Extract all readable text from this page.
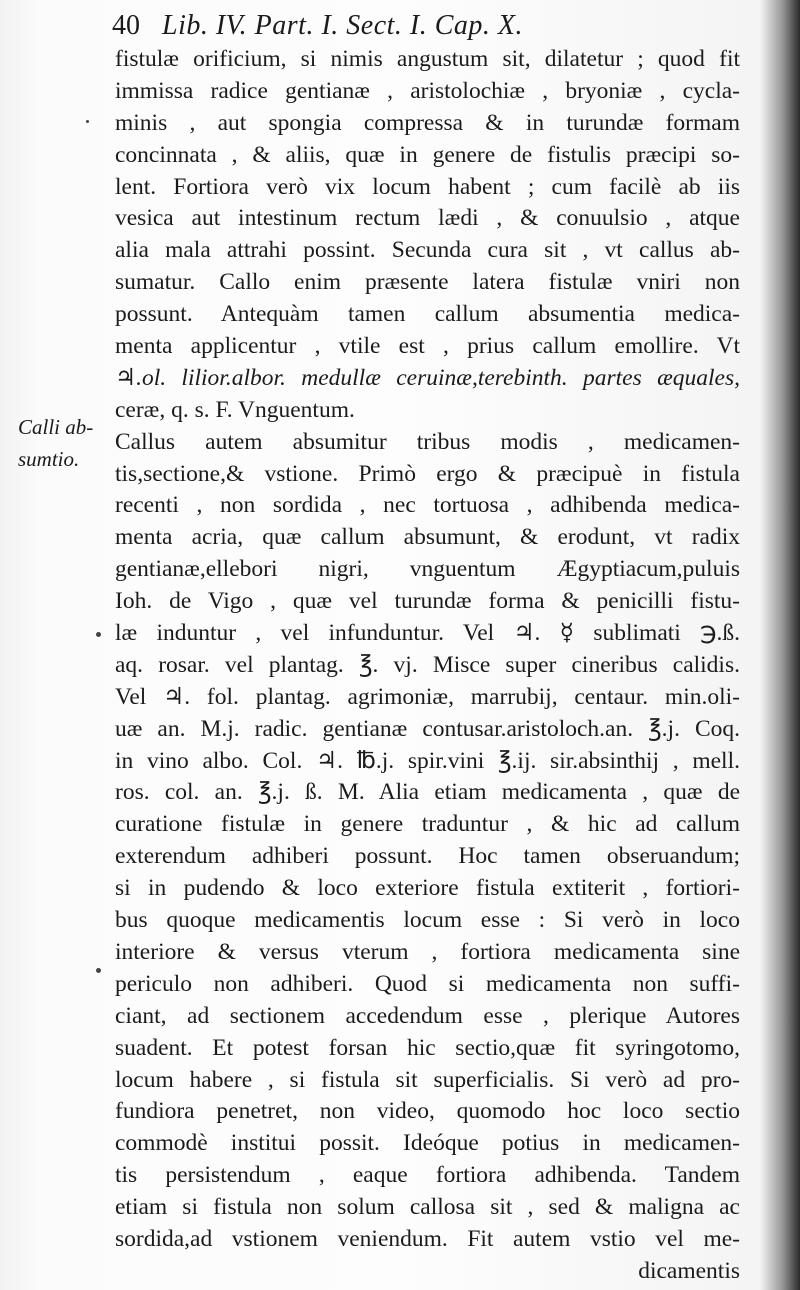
40 Lib. IV. Part. I. Sect. I. Cap. X.
Calli ab-
sumtio.
fistulæ orificium, si nimis angustum sit, dilatetur ; quod fit
immissa radice gentianæ , aristolochiæ , bryoniæ , cycla-
minis , aut spongia compressa & in turundæ formam
concinnata , & aliis, quæ in genere de fistulis præcipi so-
lent. Fortiora verò vix locum habent ; cum facilè ab iis
vesica aut intestinum rectum lædi , & conuulsio , atque
alia mala attrahi possint. Secunda cura sit , vt callus ab-
sumatur. Callo enim præsente latera fistulæ vniri non
possunt. Antequàm tamen callum absumentia medica-
menta applicentur , vtile est , prius callum emollire. Vt
♃.ol. lilior.albor. medullæ ceruinæ,terebinth. partes æquales,
ceræ, q. s. F. Vnguentum.
Callus autem absumitur tribus modis , medicamen-
tis,sectione,& vstione. Primò ergo & præcipuè in fistula
recenti , non sordida , nec tortuosa , adhibenda medica-
menta acria, quæ callum absumunt, & erodunt, vt radix
gentianæ,ellebori nigri, vnguentum Ægyptiacum,puluis
Ioh. de Vigo , quæ vel turundæ forma & penicilli fistu-
læ induntur , vel infunduntur. Vel ♃. ☿ sublimati ℈.ß.
aq. rosar. vel plantag. ℥. vj. Misce super cineribus calidis.
Vel ♃. fol. plantag. agrimoniæ, marrubij, centaur. min.oli-
uæ an. M.j. radic. gentianæ contusar.aristoloch.an. ℥.j. Coq.
in vino albo. Col. ♃. ℔.j. spir.vini ℥.ij. sir.absinthij , mell.
ros. col. an. ℥.j. ß. M. Alia etiam medicamenta , quæ de
curatione fistulæ in genere traduntur , & hic ad callum
exterendum adhiberi possunt. Hoc tamen obseruandum;
si in pudendo & loco exteriore fistula extiterit , fortiori-
bus quoque medicamentis locum esse : Si verò in loco
interiore & versus vterum , fortiora medicamenta sine
periculo non adhiberi. Quod si medicamenta non suffi-
ciant, ad sectionem accedendum esse , plerique Autores
suadent. Et potest forsan hic sectio,quæ fit syringotomo,
locum habere , si fistula sit superficialis. Si verò ad pro-
fundiora penetret, non video, quomodo hoc loco sectio
commodè institui possit. Ideóque potius in medicamen-
tis persistendum , eaque fortiora adhibenda. Tandem
etiam si fistula non solum callosa sit , sed & maligna ac
sordida,ad vstionem veniendum. Fit autem vstio vel me-
dicamentis
